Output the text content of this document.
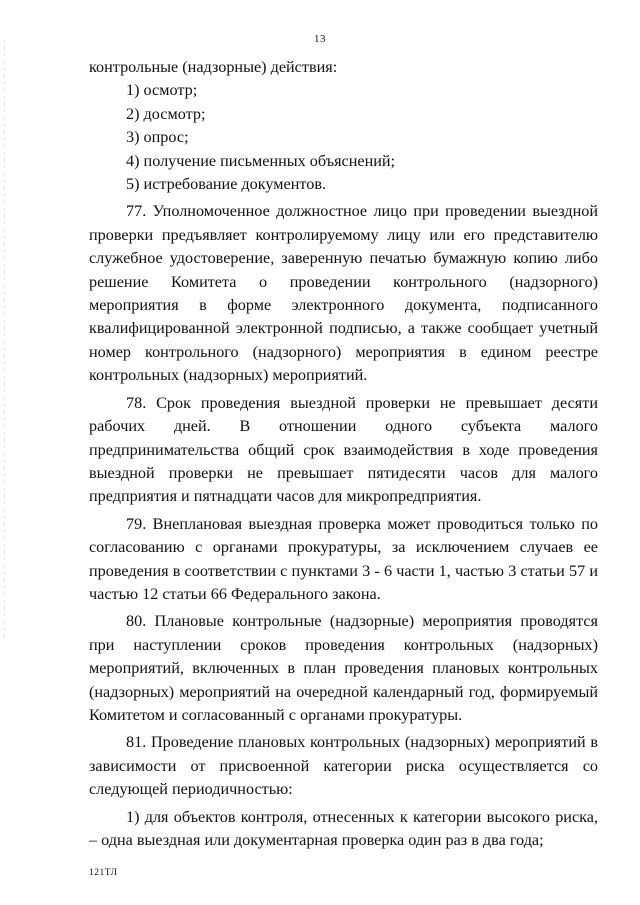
13

контрольные (надзорные) действия:

1) осмотр;

2) досмотр;

3) опрос;

4) получение письменных объяснений;

5) истребование документов.

77. Уполномоченное должностное лицо при проведении выездной проверки предъявляет контролируемому лицу или его представителю служебное удостоверение, заверенную печатью бумажную копию либо решение Комитета о проведении контрольного (надзорного) мероприятия в форме электронного документа, подписанного квалифицированной электронной подписью, а также сообщает учетный номер контрольного (надзорного) мероприятия в едином реестре контрольных (надзорных) мероприятий.

78. Срок проведения выездной проверки не превышает десяти рабочих дней. В отношении одного субъекта малого предпринимательства общий срок взаимодействия в ходе проведения выездной проверки не превышает пятидесяти часов для малого предприятия и пятнадцати часов для микропредприятия.

79. Внеплановая выездная проверка может проводиться только по согласованию с органами прокуратуры, за исключением случаев ее проведения в соответствии с пунктами 3 - 6 части 1, частью 3 статьи 57 и частью 12 статьи 66 Федерального закона.

80. Плановые контрольные (надзорные) мероприятия проводятся при наступлении сроков проведения контрольных (надзорных) мероприятий, включенных в план проведения плановых контрольных (надзорных) мероприятий на очередной календарный год, формируемый Комитетом и согласованный с органами прокуратуры.

81. Проведение плановых контрольных (надзорных) мероприятий в зависимости от присвоенной категории риска осуществляется со следующей периодичностью:

1) для объектов контроля, отнесенных к категории высокого риска, – одна выездная или документарная проверка один раз в два года;

121ТЛ
